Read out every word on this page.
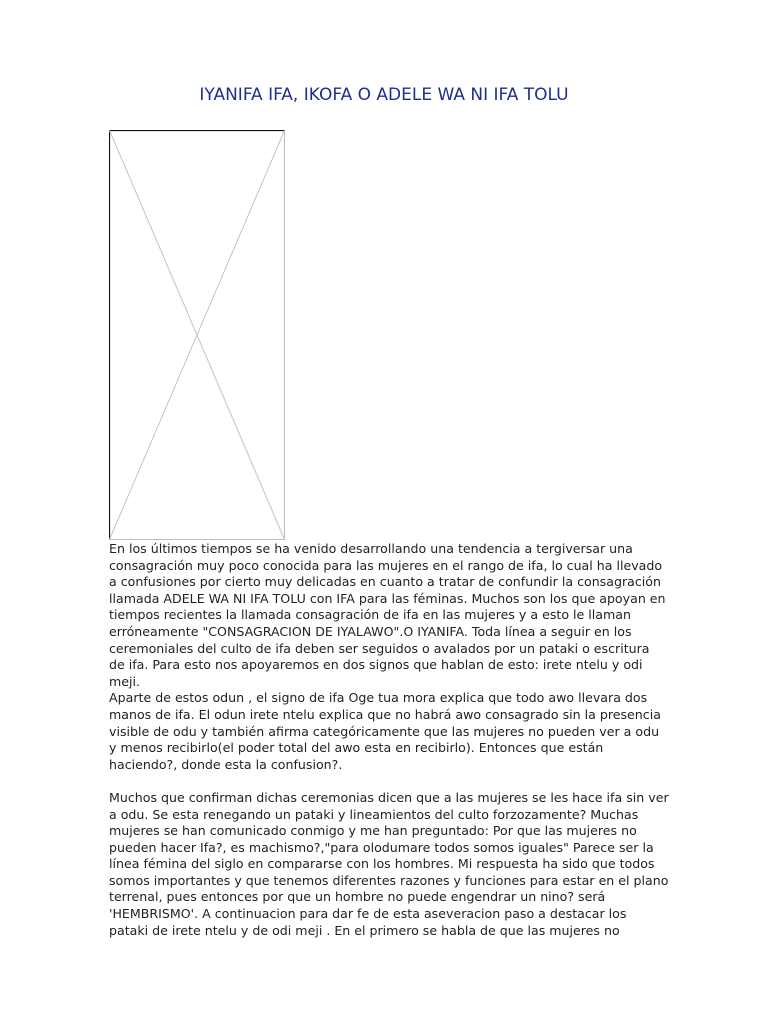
IYANIFA IFA, IKOFA O ADELE WA NI IFA TOLU

En los últimos tiempos se ha venido desarrollando una tendencia a tergiversar una consagración muy poco conocida para las mujeres en el rango de ifa, lo cual ha llevado a confusiones por cierto muy delicadas en cuanto a tratar de confundir la consagración llamada ADELE WA NI IFA TOLU con IFA para las féminas. Muchos son los que apoyan en tiempos recientes la llamada consagración de ifa en las mujeres y a esto le llaman erróneamente "CONSAGRACION DE IYALAWO".O IYANIFA. Toda línea a seguir en los ceremoniales del culto de ifa deben ser seguidos o avalados por un pataki o escritura de ifa. Para esto nos apoyaremos en dos signos que hablan de esto: irete ntelu y odi meji.

Aparte de estos odun , el signo de ifa Oge tua mora explica que todo awo llevara dos manos de ifa. El odun irete ntelu explica que no habrá awo consagrado sin la presencia visible de odu y también afirma categóricamente que las mujeres no pueden ver a odu y menos recibirlo(el poder total del awo esta en recibirlo). Entonces que están haciendo?, donde esta la confusion?.

Muchos que confirman dichas ceremonias dicen que a las mujeres se les hace ifa sin ver a odu. Se esta renegando un pataki y lineamientos del culto forzozamente? Muchas mujeres se han comunicado conmigo y me han preguntado: Por que las mujeres no pueden hacer Ifa?, es machismo?,"para olodumare todos somos iguales" Parece ser la línea fémina del siglo en compararse con los hombres. Mi respuesta ha sido que todos somos importantes y que tenemos diferentes razones y funciones para estar en el plano terrenal, pues entonces por que un hombre no puede engendrar un nino? será 'HEMBRISMO'. A continuacion para dar fe de esta aseveracion paso a destacar los pataki de irete ntelu y de odi meji . En el primero se habla de que las mujeres no
